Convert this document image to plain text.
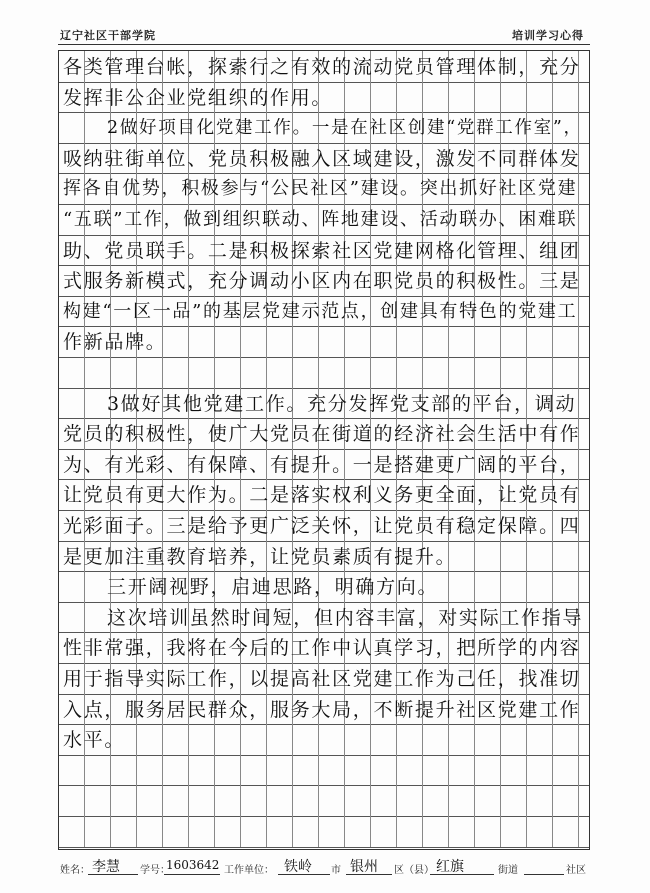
辽宁社区干部学院	培训学习心得
各类管理台帐，探索行之有效的流动党员管理体制，充分
发挥非公企业党组织的作用。
2做好项目化党建工作。一是在社区创建“党群工作室”，
吸纳驻街单位、党员积极融入区域建设，激发不同群体发
挥各自优势，积极参与“公民社区”建设。突出抓好社区党建
“五联”工作，做到组织联动、阵地建设、活动联办、困难联
助、党员联手。二是积极探索社区党建网格化管理、组团
式服务新模式，充分调动小区内在职党员的积极性。三是
构建“一区一品”的基层党建示范点，创建具有特色的党建工
作新品牌。
3做好其他党建工作。充分发挥党支部的平台，调动
党员的积极性，使广大党员在街道的经济社会生活中有作
为、有光彩、有保障、有提升。一是搭建更广阔的平台，
让党员有更大作为。二是落实权利义务更全面，让党员有
光彩面子。三是给予更广泛关怀，让党员有稳定保障。四
是更加注重教育培养，让党员素质有提升。
三开阔视野，启迪思路，明确方向。
这次培训虽然时间短，但内容丰富，对实际工作指导
性非常强，我将在今后的工作中认真学习，把所学的内容
用于指导实际工作，以提高社区党建工作为己任，找准切
入点，服务居民群众，服务大局，不断提升社区党建工作
水平。
姓名： 李慧 学号：
1603642 工作单位： 铁岭 市 银州 区（县） 红旗	街道	社区
